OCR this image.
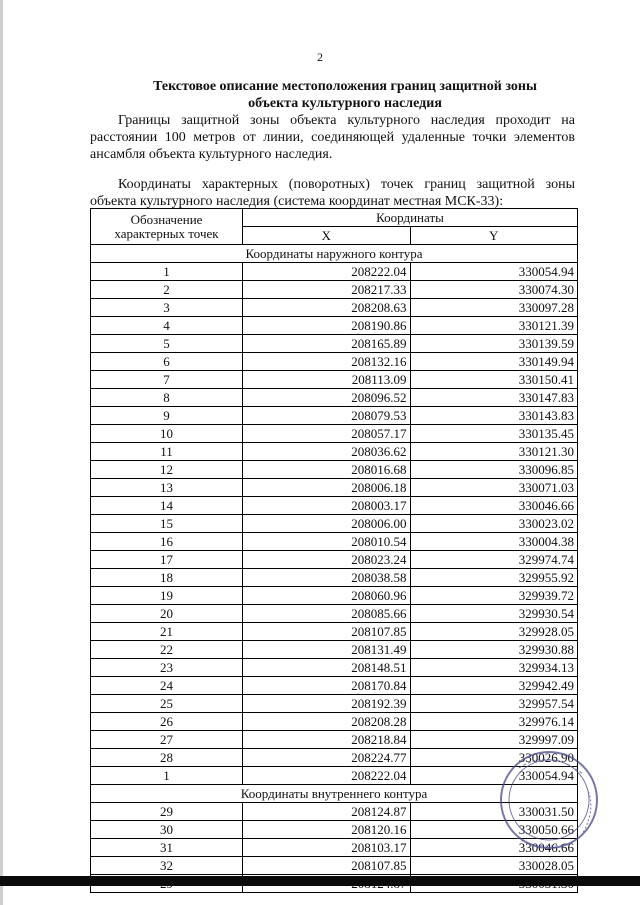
2
Текстовое описание местоположения границ защитной зоны
объекта культурного наследия
Границы защитной зоны объекта культурного наследия проходит на расстоянии 100 метров от линии, соединяющей удаленные точки элементов ансамбля объекта культурного наследия.
Координаты характерных (поворотных) точек границ защитной зоны объекта культурного наследия (система координат местная МСК-33):
Обозначение характерных точек	Координаты	
	X	Y
Координаты наружного контура		
1	208222.04	330054.94
2	208217.33	330074.30
3	208208.63	330097.28
4	208190.86	330121.39
5	208165.89	330139.59
6	208132.16	330149.94
7	208113.09	330150.41
8	208096.52	330147.83
9	208079.53	330143.83
10	208057.17	330135.45
11	208036.62	330121.30
12	208016.68	330096.85
13	208006.18	330071.03
14	208003.17	330046.66
15	208006.00	330023.02
16	208010.54	330004.38
17	208023.24	329974.74
18	208038.58	329955.92
19	208060.96	329939.72
20	208085.66	329930.54
21	208107.85	329928.05
22	208131.49	329930.88
23	208148.51	329934.13
24	208170.84	329942.49
25	208192.39	329957.54
26	208208.28	329976.14
27	208218.84	329997.09
28	208224.77	330026.90
1	208222.04	330054.94
Координаты внутреннего контура		
29	208124.87	330031.50
30	208120.16	330050.66
31	208103.17	330046.66
32	208107.85	330028.05
